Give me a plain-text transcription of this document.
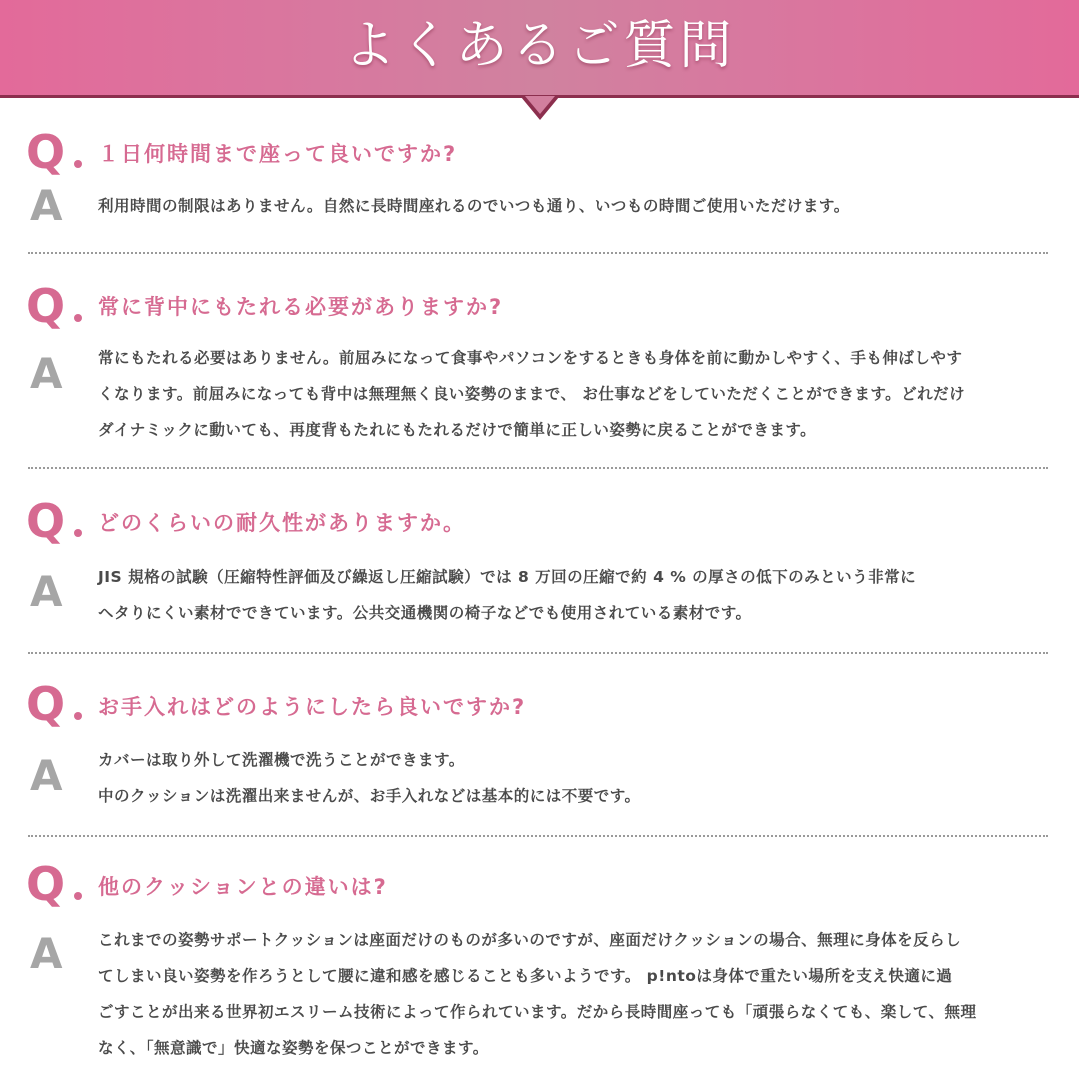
よくあるご質問
Q	１日何時間まで座って良いですか?
A	利用時間の制限はありません。自然に長時間座れるのでいつも通り、いつもの時間ご使用いただけます。
Q	常に背中にもたれる必要がありますか?
A	常にもたれる必要はありません。前屈みになって食事やパソコンをするときも身体を前に動かしやすく、手も伸ばしやす
くなります。前屈みになっても背中は無理無く良い姿勢のままで、 お仕事などをしていただくことができます。どれだけ
ダイナミックに動いても、再度背もたれにもたれるだけで簡単に正しい姿勢に戻ることができます。
Q	どのくらいの耐久性がありますか。
A	JIS 規格の試験（圧縮特性評価及び繰返し圧縮試験）では 8 万回の圧縮で約 4 % の厚さの低下のみという非常に
ヘタりにくい素材でできています。公共交通機関の椅子などでも使用されている素材です。
Q	お手入れはどのようにしたら良いですか?
A	カバーは取り外して洗濯機で洗うことができます。
中のクッションは洗濯出来ませんが、お手入れなどは基本的には不要です。
Q	他のクッションとの違いは?
A	これまでの姿勢サポートクッションは座面だけのものが多いのですが、座面だけクッションの場合、無理に身体を反らし
てしまい良い姿勢を作ろうとして腰に違和感を感じることも多いようです。 p!ntoは身体で重たい場所を支え快適に過
ごすことが出来る世界初エスリーム技術によって作られています。だから長時間座っても「頑張らなくても、楽して、無理
なく、「無意識で」快適な姿勢を保つことができます。
